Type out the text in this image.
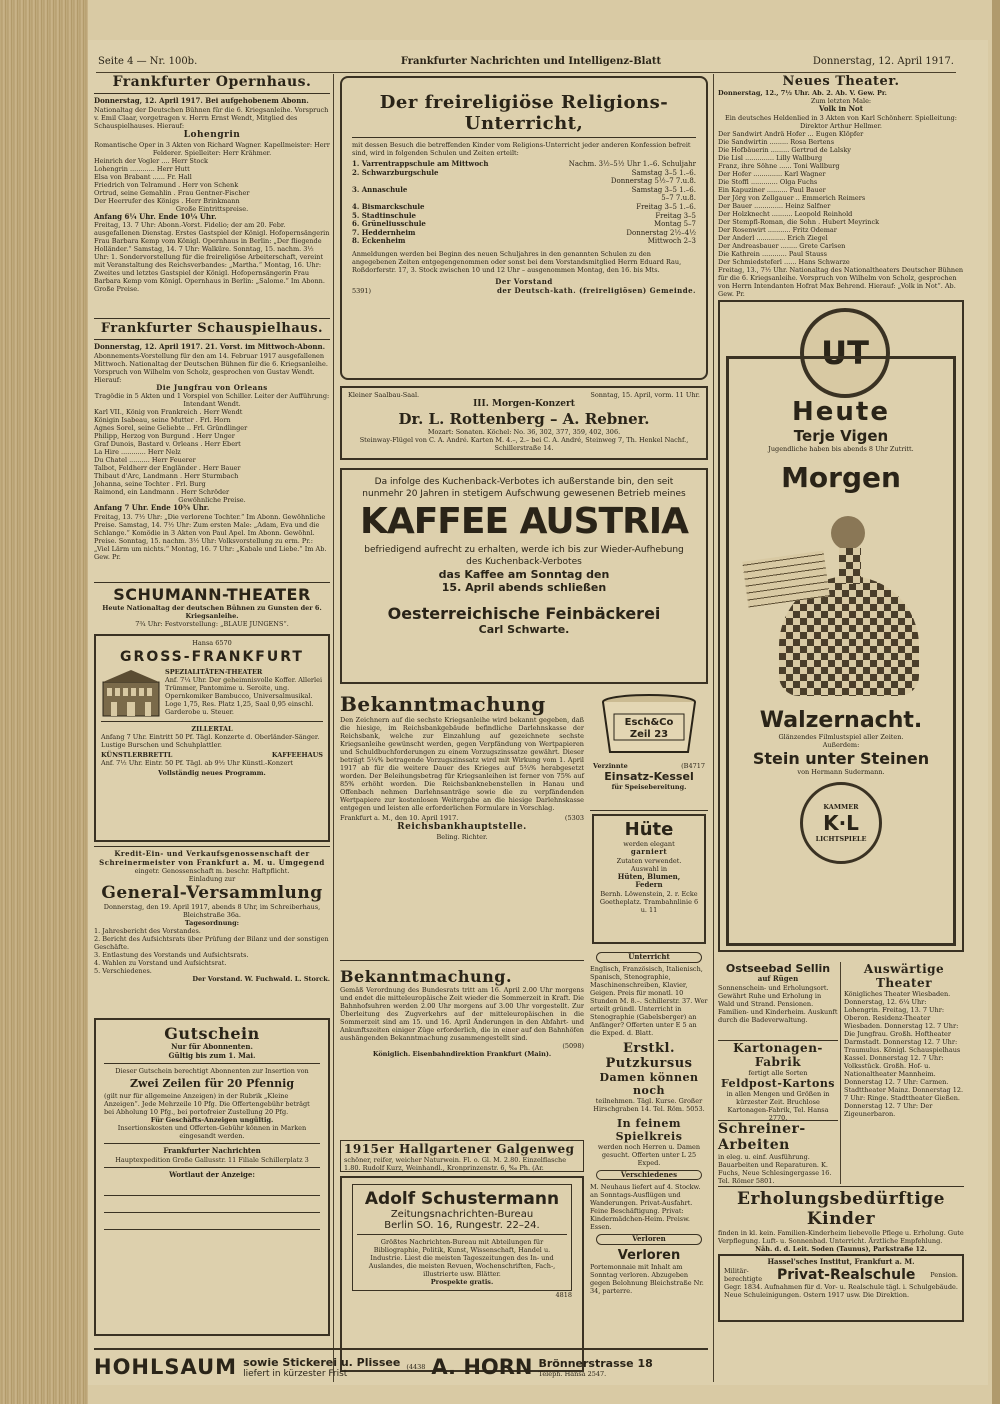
Seite 4 — Nr. 100b.	Frankfurter Nachrichten und Intelligenz-Blatt	Donnerstag, 12. April 1917.
Frankfurter Opernhaus.

Donnerstag, 12. April 1917. Bei aufgehobenem Abonn.

Nationaltag der Deutschen Bühnen für die 6. Kriegsanleihe. Vorspruch v. Emil Claar, vorgetragen v. Herrn Ernst Wendt, Mitglied des Schauspielhauses. Hierauf:

Lohengrin

Romantische Oper in 3 Akten von Richard Wagner. Kapellmeister: Herr Felderer. Spielleiter: Herr Krähmer.

Heinrich der Vogler .... Herr Stock

Lohengrin ............ Herr Hutt

Elsa von Brabant ...... Fr. Hall

Friedrich von Telramund . Herr von Schenk

Ortrud, seine Gemahlin . Frau Gentner-Fischer

Der Heerrufer des Königs . Herr Brinkmann

Große Eintrittspreise.

Anfang 6¼ Uhr. Ende 10¼ Uhr.

Freitag, 13. 7 Uhr: Abonn.-Vorst. Fidelio; der am 20. Febr. ausgefallenen Dienstag. Erstes Gastspiel der Königl. Hofopernsängerin Frau Barbara Kemp vom Königl. Opernhaus in Berlin: „Der fliegende Holländer.“ Samstag, 14. 7 Uhr: Walküre. Sonntag, 15. nachm. 3½ Uhr: 1. Sondervorstellung für die freireligiöse Arbeiterschaft, vereint mit Veranstaltung des Reichsverbandes: „Martha.“ Montag, 16. Uhr: Zweites und letztes Gastspiel der Königl. Hofopernsängerin Frau Barbara Kemp vom Königl. Opernhaus in Berlin: „Salome.“ Im Abonn. Große Preise.

Frankfurter Schauspielhaus.

Donnerstag, 12. April 1917. 21. Vorst. im Mittwoch-Abonn.

Abonnements-Vorstellung für den am 14. Februar 1917 ausgefallenen Mittwoch. Nationaltag der Deutschen Bühnen für die 6. Kriegsanleihe. Vorspruch von Wilhelm von Scholz, gesprochen von Gustav Wendt. Hierauf:

Die Jungfrau von Orleans

Tragödie in 5 Akten und 1 Vorspiel von Schiller. Leiter der Aufführung: Intendant Wendt.

Karl VII., König von Frankreich . Herr Wendt

Königin Isabeau, seine Mutter . Frl. Horn

Agnes Sorel, seine Geliebte .. Frl. Gründlinger

Philipp, Herzog von Burgund . Herr Unger

Graf Dunois, Bastard v. Orleans . Herr Ebert

La Hire ............ Herr Nelz

Du Chatel .......... Herr Feuerer

Talbot, Feldherr der Engländer . Herr Bauer

Thibaut d'Arc, Landmann . Herr Sturmbach

Johanna, seine Tochter . Frl. Burg

Raimond, ein Landmann . Herr Schröder

Gewöhnliche Preise.

Anfang 7 Uhr. Ende 10¾ Uhr.

Freitag, 13. 7½ Uhr: „Die verlorene Tochter.“ Im Abonn. Gewöhnliche Preise. Samstag, 14. 7½ Uhr: Zum ersten Male: „Adam, Eva und die Schlange.“ Komödie in 3 Akten von Paul Apel. Im Abonn. Gewöhnl. Preise. Sonntag, 15. nachm. 3½ Uhr: Volksvorstellung zu erm. Pr.: „Viel Lärm um nichts.“ Montag, 16. 7 Uhr: „Kabale und Liebe.“ Im Ab. Gew. Pr.

SCHUMANN-THEATER

Heute Nationaltag der deutschen Bühnen zu Gunsten der 6. Kriegsanleihe.

7¾ Uhr: Festvorstellung: „BLAUE JUNGENS“.

Hansa 6570

GROSS-FRANKFURT

SPEZIALITÄTEN-THEATER

Anf. 7¼ Uhr. Der geheimnisvolle Koffer. Allerlei Trümmer, Pantomime u. Seroite, ung. Opernkomiker Bambucco, Universalmusikal. Loge 1,75, Res. Platz 1,25, Saal 0,95 einschl. Garderobe u. Steuer.

ZILLERTAL

Anfang 7 Uhr. Eintritt 50 Pf. Tägl. Konzerte d. Oberländer-Sänger. Lustige Burschen und Schuhplattler.

KÜNSTLERBRETTL	KAFFEEHAUS

Anf. 7½ Uhr. Eintr. 50 Pf. Tägl. ab 9½ Uhr Künstl.-Konzert

Vollständig neues Programm.

Kredit-Ein- und Verkaufsgenossenschaft der Schreinermeister von Frankfurt a. M. u. Umgegend

eingetr. Genossenschaft m. beschr. Haftpflicht.

Einladung zur

General-Versammlung

Donnerstag, den 19. April 1917, abends 8 Uhr, im Schreiberhaus, Bleichstraße 36a.

Tagesordnung:

1. Jahresbericht des Vorstandes.

2. Bericht des Aufsichtsrats über Prüfung der Bilanz und der sonstigen Geschäfte.

3. Entlastung des Vorstands und Aufsichtsrats.

4. Wahlen zu Vorstand und Aufsichtsrat.

5. Verschiedenes.

Der Vorstand. W. Fuchwald. L. Storck.

Gutschein

Nur für Abonnenten.

Gültig bis zum 1. Mai.

Dieser Gutschein berechtigt Abonnenten zur Insertion von

Zwei Zeilen für 20 Pfennig

(gilt nur für allgemeine Anzeigen) in der Rubrik „Kleine Anzeigen“. Jede Mehrzeile 10 Pfg. Die Offertengebühr beträgt bei Abholung 10 Pfg., bei portofreier Zustellung 20 Pfg.

Für Geschäfts-Anzeigen ungültig.

Insertionskosten und Offerten-Gebühr können in Marken eingesandt werden.

Frankfurter Nachrichten

Hauptexpedition Große Gallusstr. 11 Filiale Schillerplatz 3

Wortlaut der Anzeige:

Der freireligiöse Religions-Unterricht,

mit dessen Besuch die betreffenden Kinder vom Religions-Unterricht jeder anderen Konfession befreit sind, wird in folgenden Schulen und Zeiten erteilt:

1. Varrentrappschule am Mittwoch	Nachm. 3½–5½ Uhr 1.–6. Schuljahr
2. Schwarzburgschule	Samstag 3–5 1.–6.
Donnerstag 5½–7 7.u.8.
3. Annaschule	Samstag 3–5 1.–6.
5–7 7.u.8.
4. Bismarckschule	Freitag 3–5 1.–6.
5. Stadtinschule	Freitag 3–5
6. Grüneliusschule	Montag 5–7
7. Heddernheim	Donnerstag 2½–4½
8. Eckenheim	Mittwoch 2–3

Anmeldungen werden bei Beginn des neuen Schuljahres in den genannten Schulen zu den angegebenen Zeiten entgegengenommen oder sonst bei dem Vorstandsmitglied Herrn Eduard Rau, Roßdorferstr. 17, 3. Stock zwischen 10 und 12 Uhr – ausgenommen Montag, den 16. bis Mts.

Der Vorstand

5391)	der Deutsch-kath. (freireligiösen) Gemeinde.
Kleiner Saalbau-Saal.	Sonntag, 15. April, vorm. 11 Uhr.
III. Morgen-Konzert
Dr. L. Rottenberg – A. Rebner.

Mozart: Sonaten. Köchel: No. 36, 302, 377, 359, 402, 306.

Steinway-Flügel von C. A. André. Karten M. 4.–, 2.– bei C. A. André, Steinweg 7, Th. Henkel Nachf., Schillerstraße 14.

Da infolge des Kuchenback-Verbotes ich außerstande bin, den seit nunmehr 20 Jahren in stetigem Aufschwung gewesenen Betrieb meines

KAFFEE AUSTRIA

befriedigend aufrecht zu erhalten, werde ich bis zur Wieder-Aufhebung des Kuchenback-Verbotes

das Kaffee am Sonntag den

15. April abends schließen

Oesterreichische Feinbäckerei
Carl Schwarte.
Bekanntmachung

Den Zeichnern auf die sechste Kriegsanleihe wird bekannt gegeben, daß die hiesige, im Reichsbankgebäude befindliche Darlehnskasse der Reichsbank, welche zur Einzahlung auf gezeichnete sechste Kriegsanleihe gewünscht werden, gegen Verpfändung von Wertpapieren und Schuldbuchforderungen zu einem Vorzugszinssatze gewährt. Dieser beträgt 5¼% betragende Vorzugszinssatz wird mit Wirkung vom 1. April 1917 ab für die weitere Dauer des Krieges auf 5¾% herabgesetzt worden. Der Beleihungsbetrag für Kriegsanleihen ist ferner von 75% auf 85% erhöht worden. Die Reichsbanknebenstellen in Hanau und Offenbach nehmen Darlehnsanträge sowie die zu verpfändenden Wertpapiere zur kostenlosen Weitergabe an die hiesige Darlehnskasse entgegen und leisten alle erforderlichen Formulare in Vorschlag.

Frankfurt a. M., den 10. April 1917.	(5303
Reichsbankhauptstelle.

Beling. Richter.

Bekanntmachung.

Gemäß Verordnung des Bundesrats tritt am 16. April 2.00 Uhr morgens und endet die mitteleuropäische Zeit wieder die Sommerzeit in Kraft. Die Bahnhofsuhren werden 2.00 Uhr morgens auf 3.00 Uhr vorgestellt. Zur Überleitung des Zugverkehrs auf der mitteleuropäischen in die Sommerzeit sind am 15. und 16. April Änderungen in den Abfahrt- und Ankunftszeiten einiger Züge erforderlich, die in einer auf den Bahnhöfen aushängenden Bekanntmachung zusammengestellt sind.

(5098)

Königlich. Eisenbahndirektion Frankfurt (Main).

1915er Hallgartener Galgenweg

schöner, reifer, weicher Naturwein. Fl. o. Gl. M. 2.80. Einzelflasche 1.80. Rudolf Kurz, Weinhandl., Kronprinzenstr. 6, ‰ Ph. (Ar.

Adolf Schustermann

Zeitungsnachrichten-Bureau

Berlin SO. 16, Rungestr. 22–24.

Größtes Nachrichten-Bureau mit Abteilungen für Bibliographie, Politik, Kunst, Wissenschaft, Handel u. Industrie. Liest die meisten Tageszeitungen des In- und Auslandes, die meisten Revuen, Wochenschriften, Fach-, illustrierte usw. Blätter.

Prospekte gratis.

4818

Esch&Co
Zeil 23
Verzinnte	(B4717
Einsatz-Kessel

für Speisebereitung.

Hüte

werden elegant

garniert

Zutaten verwendet.

Auswahl in

Hüten, Blumen,

Federn

Bernh. Löwenstein, 2. r. Ecke Goetheplatz. Trambahnlinie 6 u. 11

Unterricht

Englisch, Französisch, Italienisch, Spanisch, Stenographie, Maschinenschreiben, Klavier, Geigen. Preis für monatl. 10 Stunden M. 8.–. Schillerstr. 37. Wer erteilt gründl. Unterricht in Stenographie (Gabelsberger) an Anfänger? Offerten unter E 5 an die Exped. d. Blatt.

Erstkl. Putzkursus
Damen können noch

teilnehmen. Tägl. Kurse. Großer Hirschgraben 14. Tel. Röm. 5053.

In feinem Spielkreis

werden noch Herren u. Damen gesucht. Offerten unter L 25 Exped.

Verschiedenes

M. Neuhaus liefert auf 4. Stockw. an Sonntags-Ausflügen und Wanderungen. Privat-Ausfahrt. Feine Beschäftigung. Privat: Kindermädchen-Heim. Preisw. Essen.

Verloren
Verloren

Portemonnaie mit Inhalt am Sonntag verloren. Abzugeben gegen Belohnung Bleichstraße Nr. 34, parterre.

Neues Theater.

Donnerstag, 12., 7½ Uhr. Ab. 2. Ab. V. Gew. Pr.

Zum letzten Male:

Volk in Not

Ein deutsches Heldenlied in 3 Akten von Karl Schönherr. Spielleitung: Direktor Arthur Hellmer.

Der Sandwirt Andrä Hofer ... Eugen Klöpfer

Die Sandwirtin ......... Rosa Bertens

Die Hofbäuerin ......... Gertrud de Lalsky

Die Lisl .............. Lilly Wallburg

Franz, ihre Söhne ...... Toni Wallburg

Der Hofer .............. Karl Wagner

Die Stoffl ............. Olga Fuchs

Ein Kapuziner .......... Paul Bauer

Der Jörg von Zellgauer .. Emmerich Reimers

Der Bauer .............. Heinz Salfner

Der Holzknecht .......... Leopold Reinhold

Der Stempfl-Roman, die Sohn . Hubert Meyrinck

Der Rosenwirt ........... Fritz Odemar

Der Anderl .............. Erich Ziegel

Der Andreasbauer ........ Grete Carlsen

Die Kathrein ............ Paul Stauss

Der Schmiedsteferl ...... Hans Schwarze

Freitag, 13., 7½ Uhr. Nationaltag des Nationaltheaters Deutscher Bühnen für die 6. Kriegsanleihe. Vorspruch von Wilhelm von Scholz, gesprochen von Herrn Intendanten Hofrat Max Behrend. Hierauf: „Volk in Not“. Ab. Gew. Pr.

UT
Heute
Terje Vigen

Jugendliche haben bis abends 8 Uhr Zutritt.

Morgen
Walzernacht.

Glänzendes Filmlustspiel aller Zeiten.

Außerdem:

Stein unter Steinen

von Hermann Sudermann.

KAMMER
K·L
LICHTSPIELE
Ostseebad Sellin

auf Rügen

Sonnenschein- und Erholungsort. Gewährt Ruhe und Erholung in Wald und Strand. Pensionen. Familien- und Kinderheim. Auskunft durch die Badeverwaltung.

Kartonagen-Fabrik

fertigt alle Sorten

Feldpost-Kartons

in allen Mengen und Größen in kürzester Zeit. Bruchlose Kartonagen-Fabrik, Tel. Hansa 2770.

Schreiner-Arbeiten

in eleg. u. einf. Ausführung. Bauarbeiten und Reparaturen. K. Fuchs, Neue Schlesingergasse 16. Tel. Römer 5801.

Auswärtige Theater

Königliches Theater Wiesbaden. Donnerstag, 12. 6¼ Uhr: Lohengrin. Freitag, 13. 7 Uhr: Oberon. Residenz-Theater Wiesbaden. Donnerstag 12. 7 Uhr: Die Jungfrau. Großh. Hoftheater Darmstadt. Donnerstag 12. 7 Uhr: Traumulus. Königl. Schauspielhaus Kassel. Donnerstag 12. 7 Uhr: Volksstück. Großh. Hof- u. Nationaltheater Mannheim. Donnerstag 12. 7 Uhr: Carmen. Stadttheater Mainz. Donnerstag 12. 7 Uhr: Ringe. Stadttheater Gießen. Donnerstag 12. 7 Uhr: Der Zigeunerbaron.

Erholungsbedürftige Kinder

finden in kl. kein. Familien-Kinderheim liebevolle Pflege u. Erholung. Gute Verpflegung. Luft- u. Sonnenbad. Unterricht. Ärztliche Empfehlung.

Näh. d. d. Leit. Soden (Taunus), Parkstraße 12.

Hassel'sches Institut, Frankfurt a. M.

Militär-berechtigte	Privat-Realschule	Pension.

Gegr. 1834. Aufnahmen für d. Vor- u. Realschule tägl. i. Schulgebäude. Neue Schuleinigungen. Ostern 1917 usw. Die Direktion.

HOHLSAUM sowie Stickerei u. Plissee
liefert in kürzester Frist
(4438 A. HORN Brönnerstrasse 18
Teleph. Hansa 2547.
